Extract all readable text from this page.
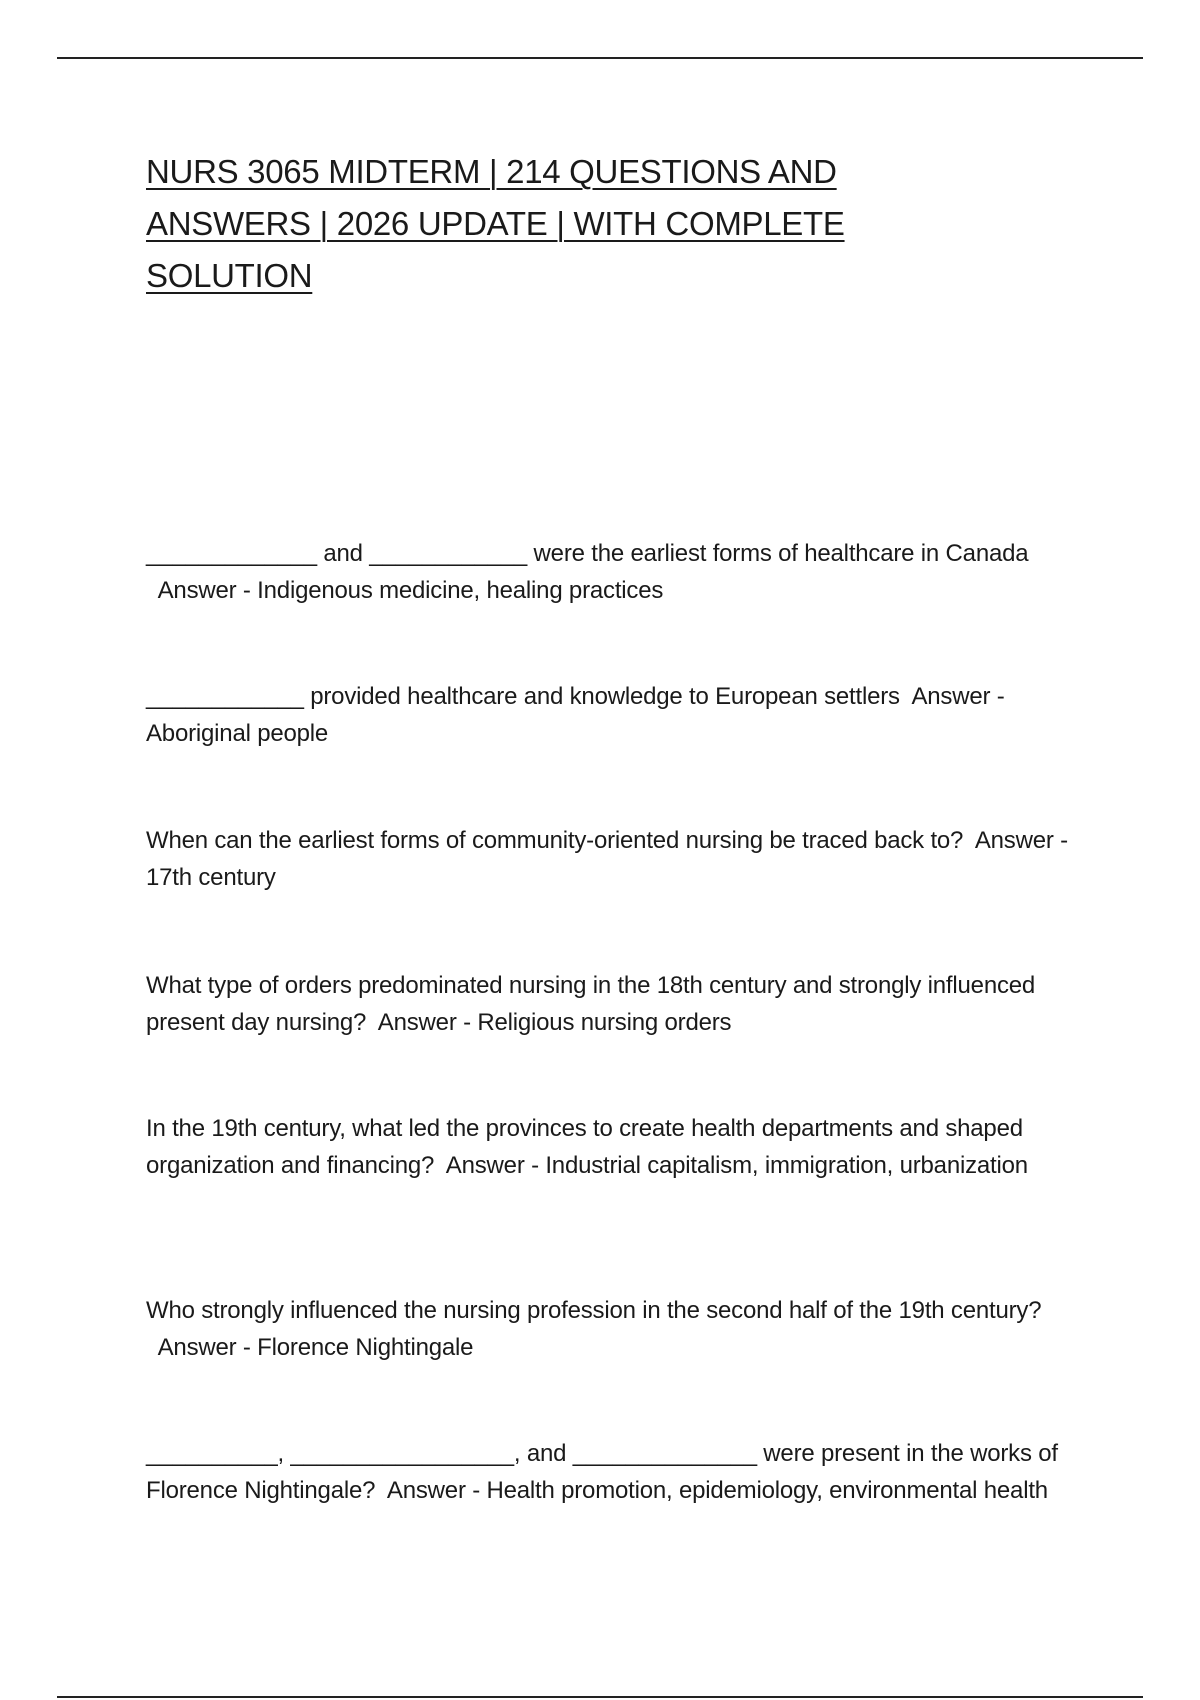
NURS 3065 MIDTERM | 214 QUESTIONS AND ANSWERS | 2026 UPDATE | WITH COMPLETE SOLUTION

_____________ and ____________ were the earliest forms of healthcare in Canada  Answer - Indigenous medicine, healing practices

____________ provided healthcare and knowledge to European settlers Answer - Aboriginal people

When can the earliest forms of community-oriented nursing be traced back to? Answer - 17th century

What type of orders predominated nursing in the 18th century and strongly influenced present day nursing? Answer - Religious nursing orders

In the 19th century, what led the provinces to create health departments and shaped organization and financing? Answer - Industrial capitalism, immigration, urbanization

Who strongly influenced the nursing profession in the second half of the 19th century?  Answer - Florence Nightingale

__________, _________________, and ______________ were present in the works of Florence Nightingale? Answer - Health promotion, epidemiology, environmental health
